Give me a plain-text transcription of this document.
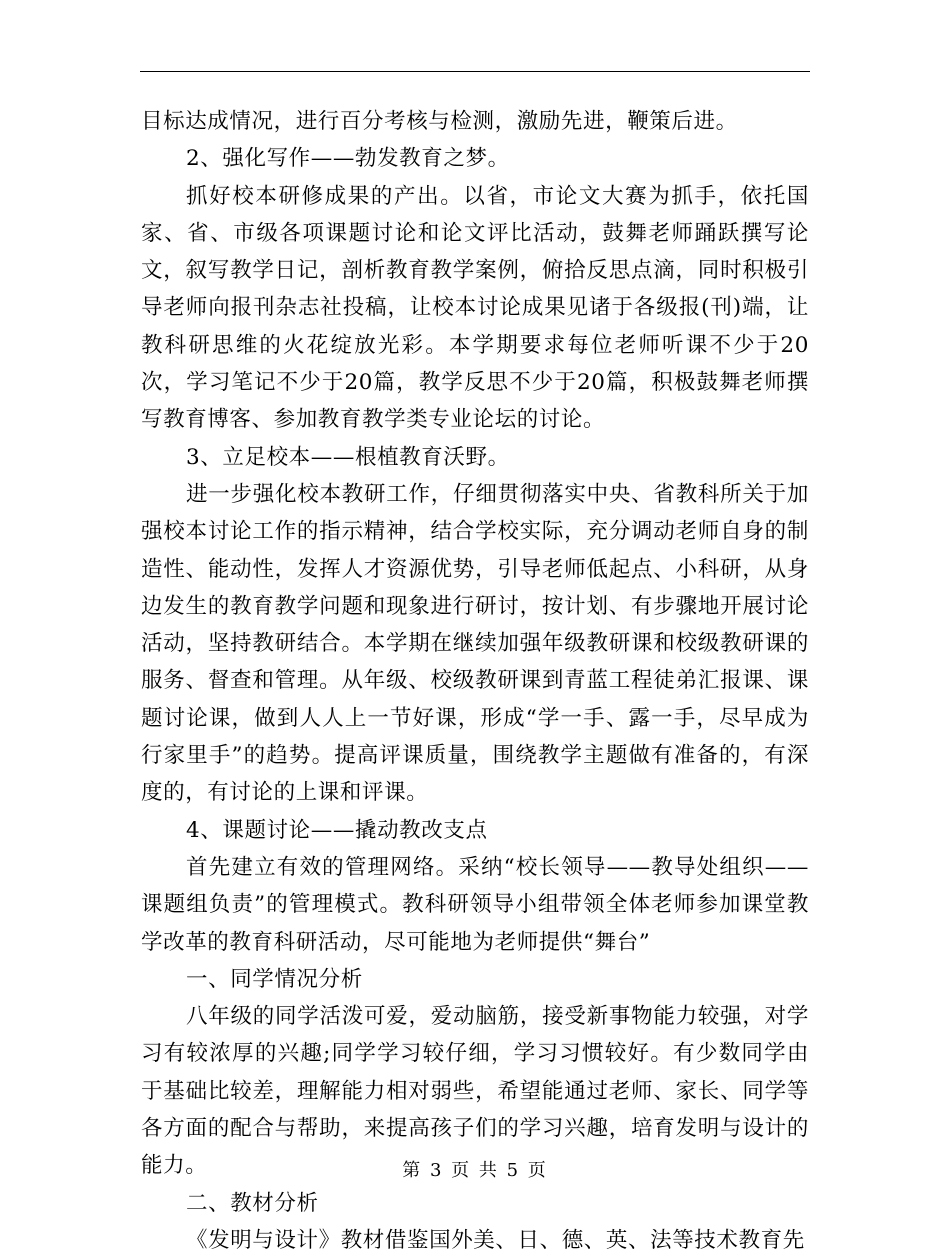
目标达成情况，进行百分考核与检测，激励先进，鞭策后进。

2、强化写作——勃发教育之梦。

抓好校本研修成果的产出。以省，市论文大赛为抓手，依托国家、省、市级各项课题讨论和论文评比活动，鼓舞老师踊跃撰写论文，叙写教学日记，剖析教育教学案例，俯拾反思点滴，同时积极引导老师向报刊杂志社投稿，让校本讨论成果见诸于各级报(刊)端，让教科研思维的火花绽放光彩。本学期要求每位老师听课不少于20次，学习笔记不少于20篇，教学反思不少于20篇，积极鼓舞老师撰写教育博客、参加教育教学类专业论坛的讨论。

3、立足校本——根植教育沃野。

进一步强化校本教研工作，仔细贯彻落实中央、省教科所关于加强校本讨论工作的指示精神，结合学校实际，充分调动老师自身的制造性、能动性，发挥人才资源优势，引导老师低起点、小科研，从身边发生的教育教学问题和现象进行研讨，按计划、有步骤地开展讨论活动，坚持教研结合。本学期在继续加强年级教研课和校级教研课的服务、督查和管理。从年级、校级教研课到青蓝工程徒弟汇报课、课题讨论课，做到人人上一节好课，形成“学一手、露一手，尽早成为行家里手”的趋势。提高评课质量，围绕教学主题做有准备的，有深度的，有讨论的上课和评课。

4、课题讨论——撬动教改支点

首先建立有效的管理网络。采纳“校长领导——教导处组织——课题组负责”的管理模式。教科研领导小组带领全体老师参加课堂教学改革的教育科研活动，尽可能地为老师提供“舞台”

一、同学情况分析

八年级的同学活泼可爱，爱动脑筋，接受新事物能力较强，对学习有较浓厚的兴趣;同学学习较仔细，学习习惯较好。有少数同学由于基础比较差，理解能力相对弱些，希望能通过老师、家长、同学等各方面的配合与帮助，来提高孩子们的学习兴趣，培育发明与设计的能力。

二、教材分析

《发明与设计》教材借鉴国外美、日、德、英、法等技术教育先

第 3 页 共 5 页
